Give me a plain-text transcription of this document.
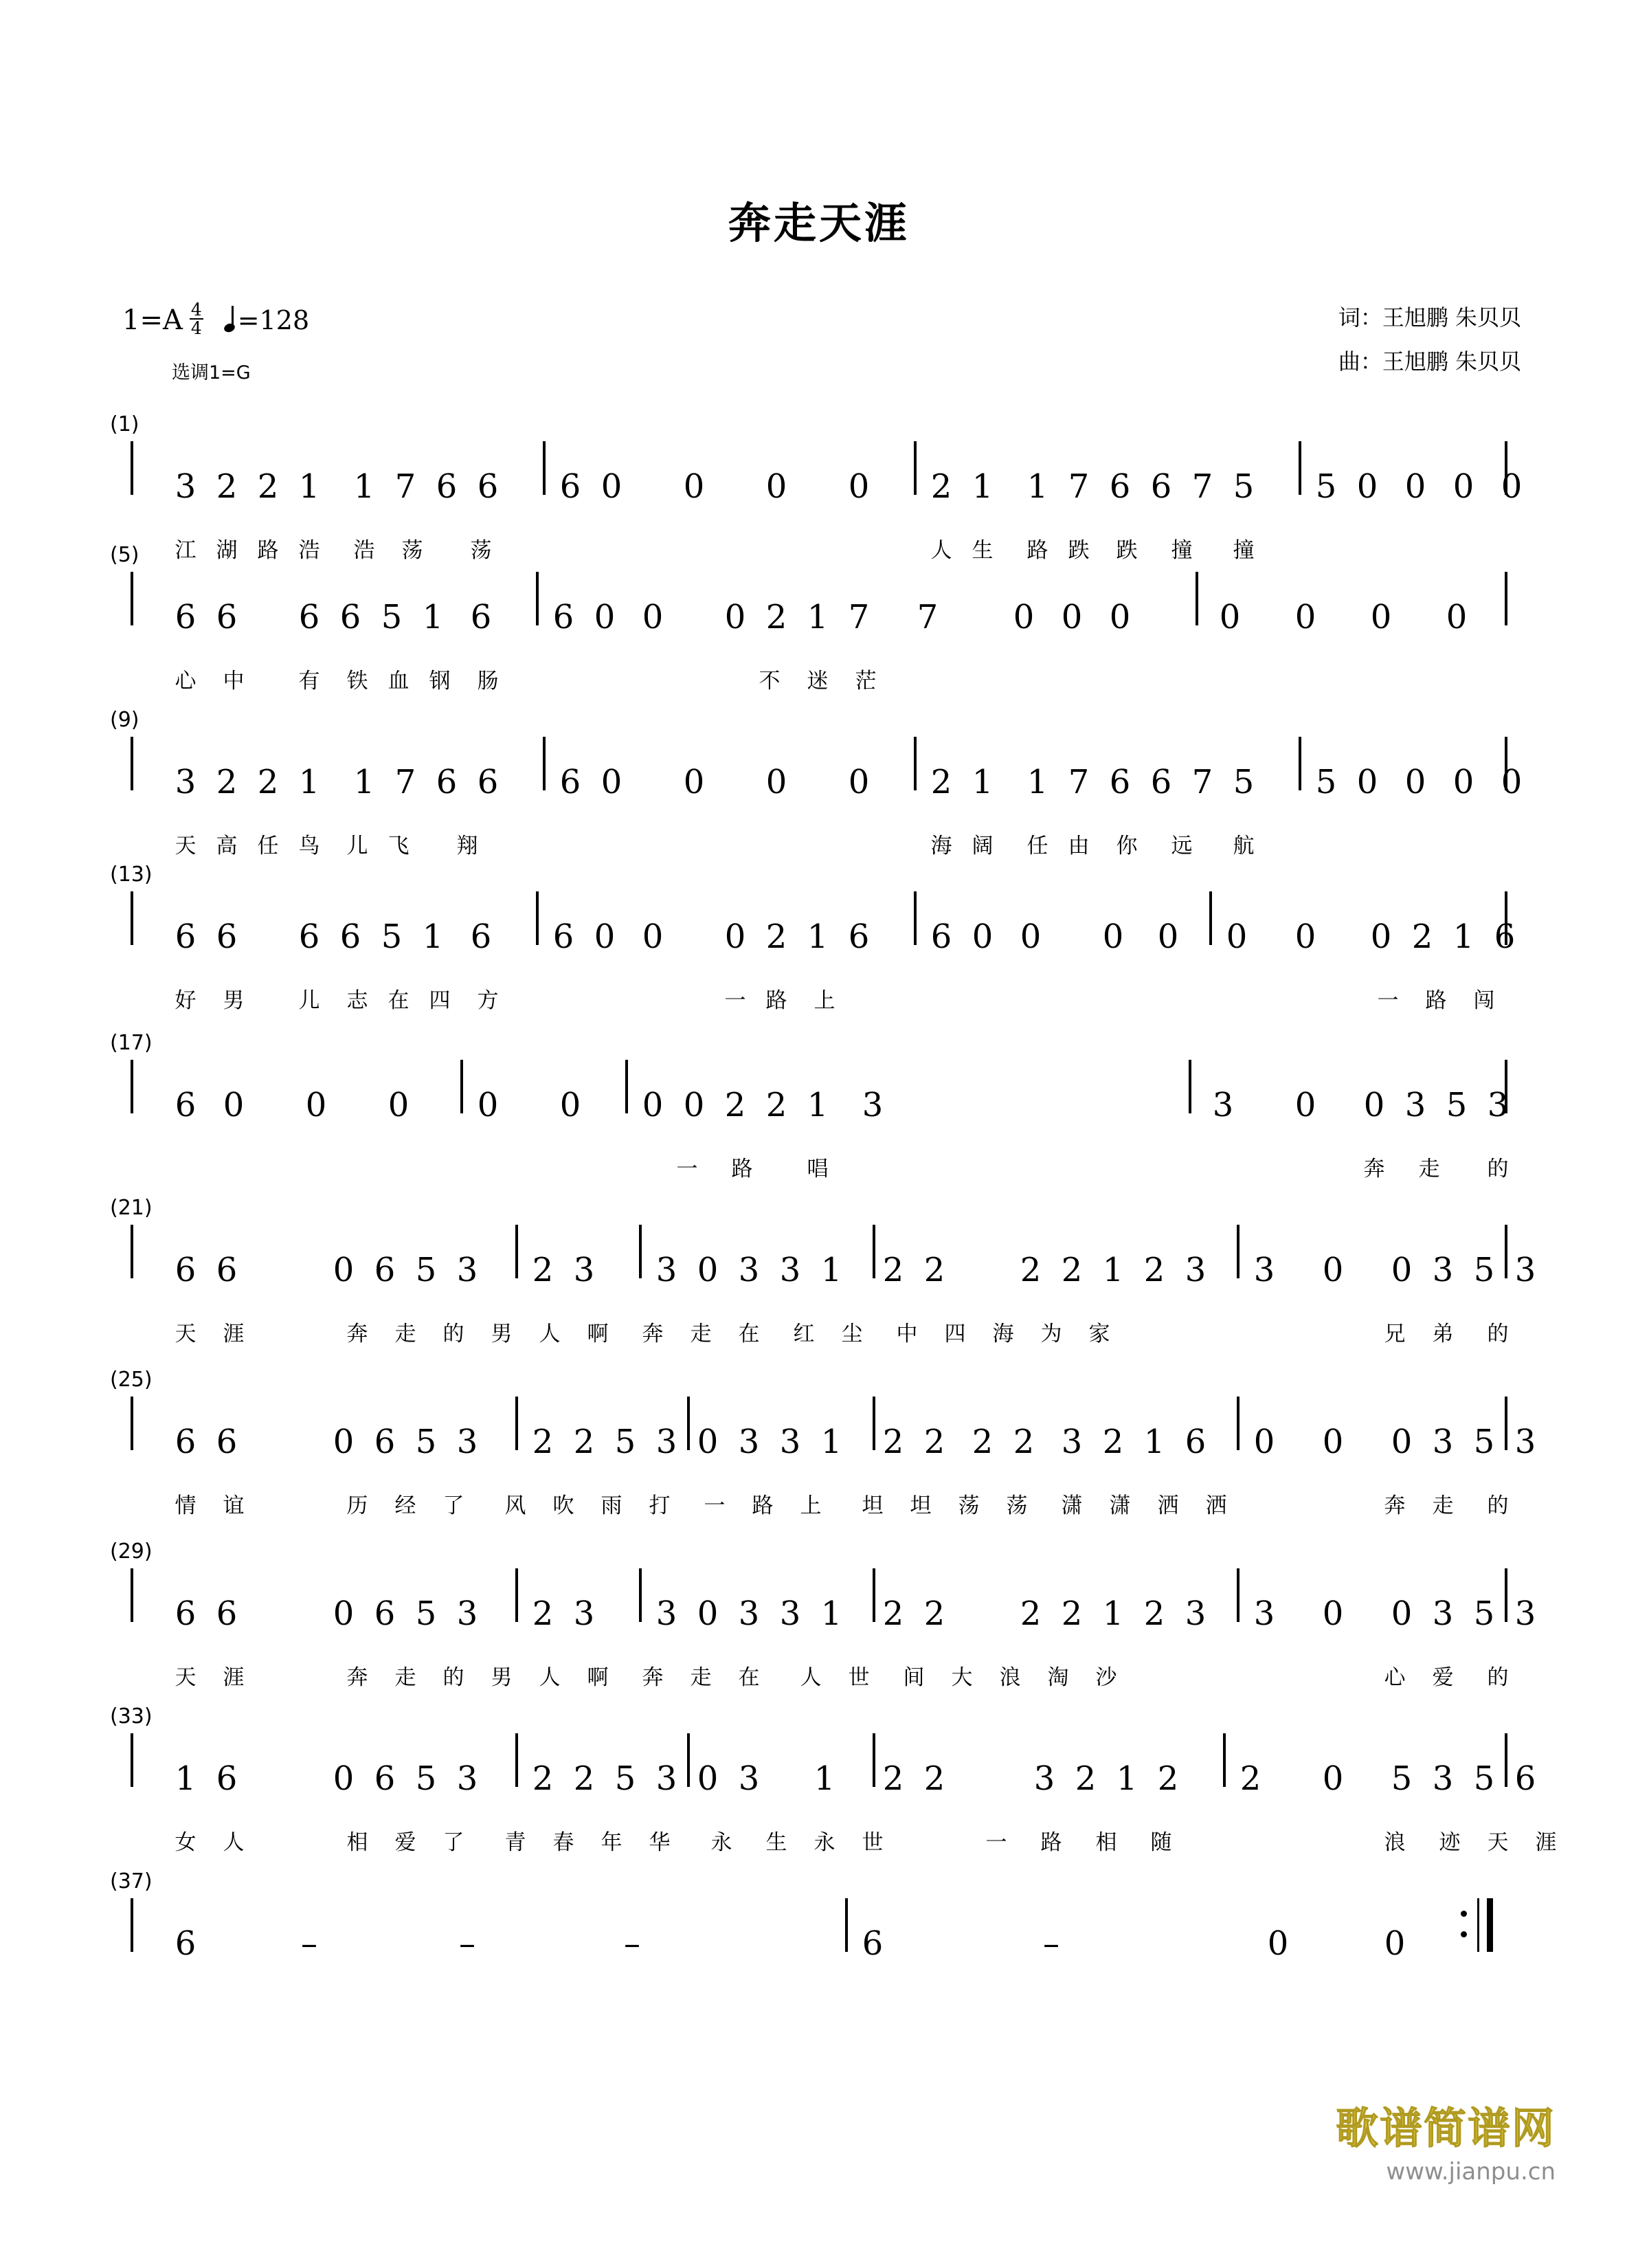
奔走天涯
$1=A \frac{4}{4} =128$
选调1=G
词：王旭鹏 朱贝贝
曲：王旭鹏 朱贝贝
(1)
3 2 2 1 1 7 6 6 6 0 0 0 0 2 1 1 7 6 6 7 5 5 0 0 0 0
江 湖 路 浩 浩 荡 荡	人 生 路 跌 跌 撞 撞
(5)
6 6 6 6 5 1 6 6 0 0 0 2 1 7 7 0 0 0	0 0 0 0
心 中	有 铁 血 钢 肠	不 迷 茫
(9)
3 2 2 1 1 7 6 6 6 0 0 0 0 2 1 1 7 6 6 7 5 5 0 0 0 0
天 高 任 鸟 儿 飞 翔	海 阔 任 由 你 远 航
(13)
6 6 6 6 5 1 6 6 0 0 0 2 1 6 6 0 0 0 0 0 0 0 2 1 6
好 男	儿 志 在 四 方	一 路 上	一 路 闯
(17)
6 0 0 0 0 0 0 0 2 2 1 3	3 0 0 3 5 3
一 路	唱	奔 走 的
(21)
6 6	0 6 5 3 2 3 3 0 3 3 1 2 2 2 2 1 2 3 3 0 0 3 5 3
天 涯	奔 走 的 男 人 啊 奔 走 在 红 尘 中 四 海 为 家	兄 弟 的
(25)
6 6	0 6 5 3 2 2 5 3 0 3 3 1 2 2 2 2 3 2 1 6 0 0 0 3 5 3
情 谊	历 经 了 风 吹 雨 打 一 路 上 坦 坦 荡 荡 潇 潇 洒 洒	奔 走 的
(29)
6 6	0 6 5 3 2 3 3 0 3 3 1 2 2 2 2 1 2 3 3 0 0 3 5 3
天 涯	奔 走 的 男 人 啊 奔 走 在 人 世 间 大 浪 淘 沙	心 爱 的
(33)
1 6	0 6 5 3 2 2 5 3 0 3 1 2 2	3 2 1 2 2 0 5 3 5 6
女 人	相 爱 了 青 春 年 华 永 生 永 世	一 路 相 随	浪 迹 天 涯
(37)
6	–	–	–	6	–	0	0
歌谱简谱网
www.jianpu.cn
